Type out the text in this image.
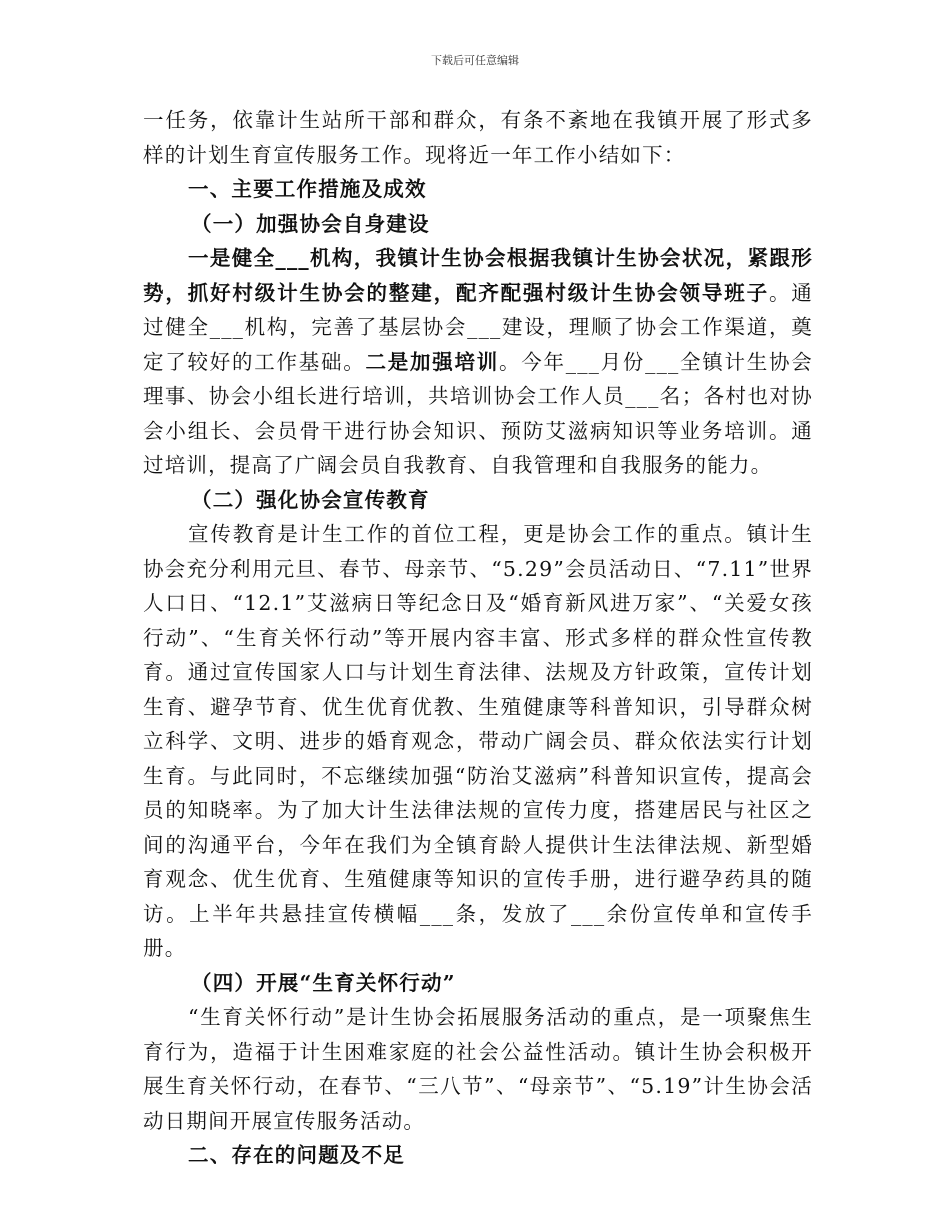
下载后可任意编辑

一任务，依靠计生站所干部和群众，有条不紊地在我镇开展了形式多样的计划生育宣传服务工作。现将近一年工作小结如下：

一、主要工作措施及成效

（一）加强协会自身建设

一是健全___机构，我镇计生协会根据我镇计生协会状况，紧跟形势，抓好村级计生协会的整建，配齐配强村级计生协会领导班子。通过健全___机构，完善了基层协会___建设，理顺了协会工作渠道，奠定了较好的工作基础。二是加强培训。今年___月份___全镇计生协会理事、协会小组长进行培训，共培训协会工作人员___名；各村也对协会小组长、会员骨干进行协会知识、预防艾滋病知识等业务培训。通过培训，提高了广阔会员自我教育、自我管理和自我服务的能力。

（二）强化协会宣传教育

宣传教育是计生工作的首位工程，更是协会工作的重点。镇计生协会充分利用元旦、春节、母亲节、“5.29”会员活动日、“7.11”世界人口日、“12.1”艾滋病日等纪念日及“婚育新风进万家”、“关爱女孩行动”、“生育关怀行动”等开展内容丰富、形式多样的群众性宣传教育。通过宣传国家人口与计划生育法律、法规及方针政策，宣传计划生育、避孕节育、优生优育优教、生殖健康等科普知识，引导群众树立科学、文明、进步的婚育观念，带动广阔会员、群众依法实行计划生育。与此同时，不忘继续加强“防治艾滋病”科普知识宣传，提高会员的知晓率。为了加大计生法律法规的宣传力度，搭建居民与社区之间的沟通平台，今年在我们为全镇育龄人提供计生法律法规、新型婚育观念、优生优育、生殖健康等知识的宣传手册，进行避孕药具的随访。上半年共悬挂宣传横幅___条，发放了___余份宣传单和宣传手册。

（四）开展“生育关怀行动”

“生育关怀行动”是计生协会拓展服务活动的重点，是一项聚焦生育行为，造福于计生困难家庭的社会公益性活动。镇计生协会积极开展生育关怀行动，在春节、“三八节”、“母亲节”、“5.19”计生协会活动日期间开展宣传服务活动。

二、存在的问题及不足
